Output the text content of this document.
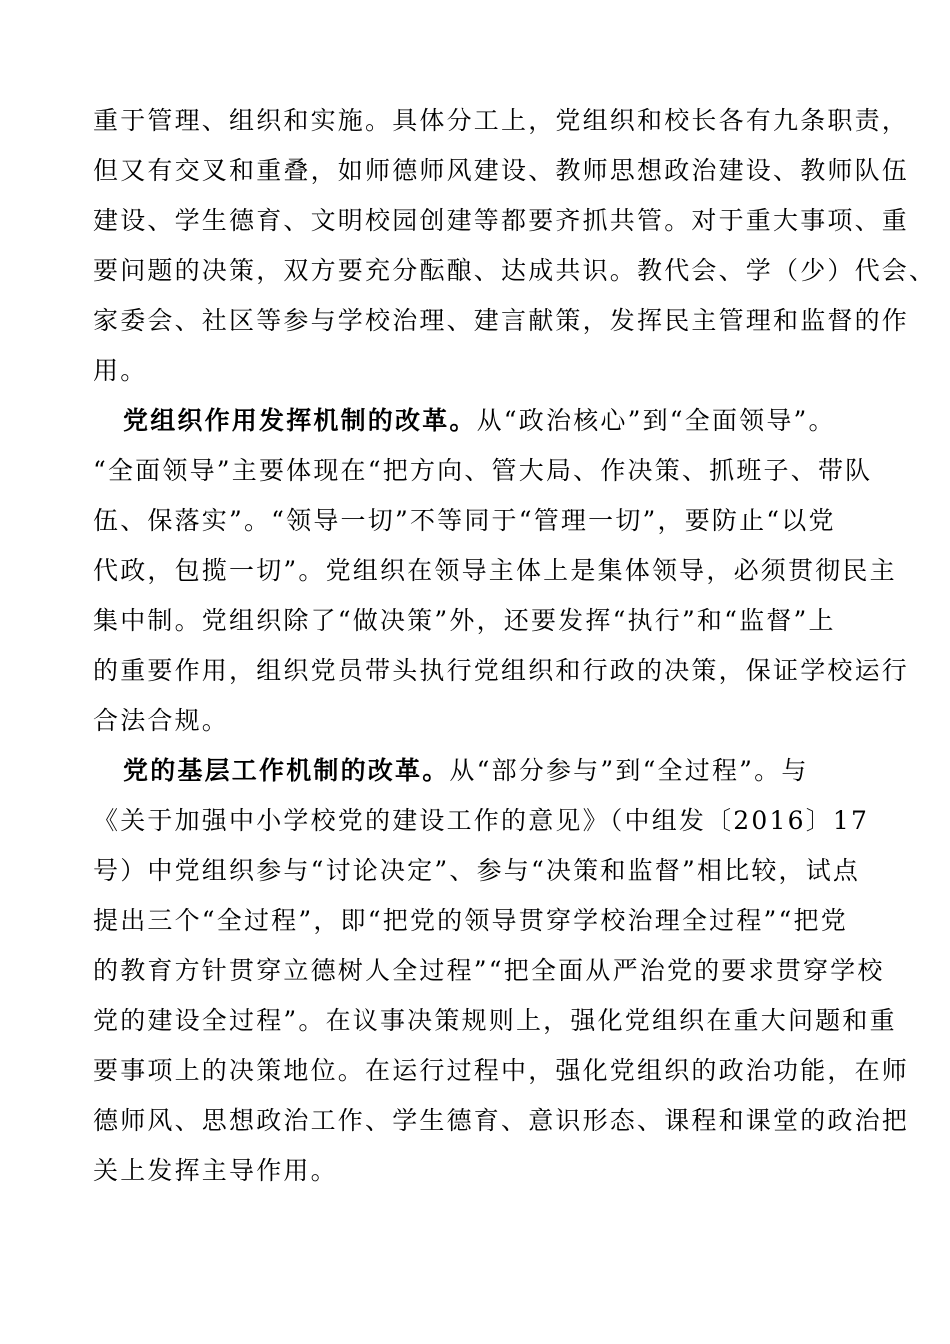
重于管理、组织和实施。具体分工上，党组织和校长各有九条职责，
但又有交叉和重叠，如师德师风建设、教师思想政治建设、教师队伍
建设、学生德育、文明校园创建等都要齐抓共管。对于重大事项、重
要问题的决策，双方要充分酝酿、达成共识。教代会、学（少）代会、
家委会、社区等参与学校治理、建言献策，发挥民主管理和监督的作
用。
党组织作用发挥机制的改革。从“政治核心”到“全面领导”。
“全面领导”主要体现在“把方向、管大局、作决策、抓班子、带队
伍、保落实”。“领导一切”不等同于“管理一切”，要防止“以党
代政，包揽一切”。党组织在领导主体上是集体领导，必须贯彻民主
集中制。党组织除了“做决策”外，还要发挥“执行”和“监督”上
的重要作用，组织党员带头执行党组织和行政的决策，保证学校运行
合法合规。
党的基层工作机制的改革。从“部分参与”到“全过程”。与
《关于加强中小学校党的建设工作的意见》（中组发〔2016〕17
号）中党组织参与“讨论决定”、参与“决策和监督”相比较，试点
提出三个“全过程”，即“把党的领导贯穿学校治理全过程”“把党
的教育方针贯穿立德树人全过程”“把全面从严治党的要求贯穿学校
党的建设全过程”。在议事决策规则上，强化党组织在重大问题和重
要事项上的决策地位。在运行过程中，强化党组织的政治功能，在师
德师风、思想政治工作、学生德育、意识形态、课程和课堂的政治把
关上发挥主导作用。
